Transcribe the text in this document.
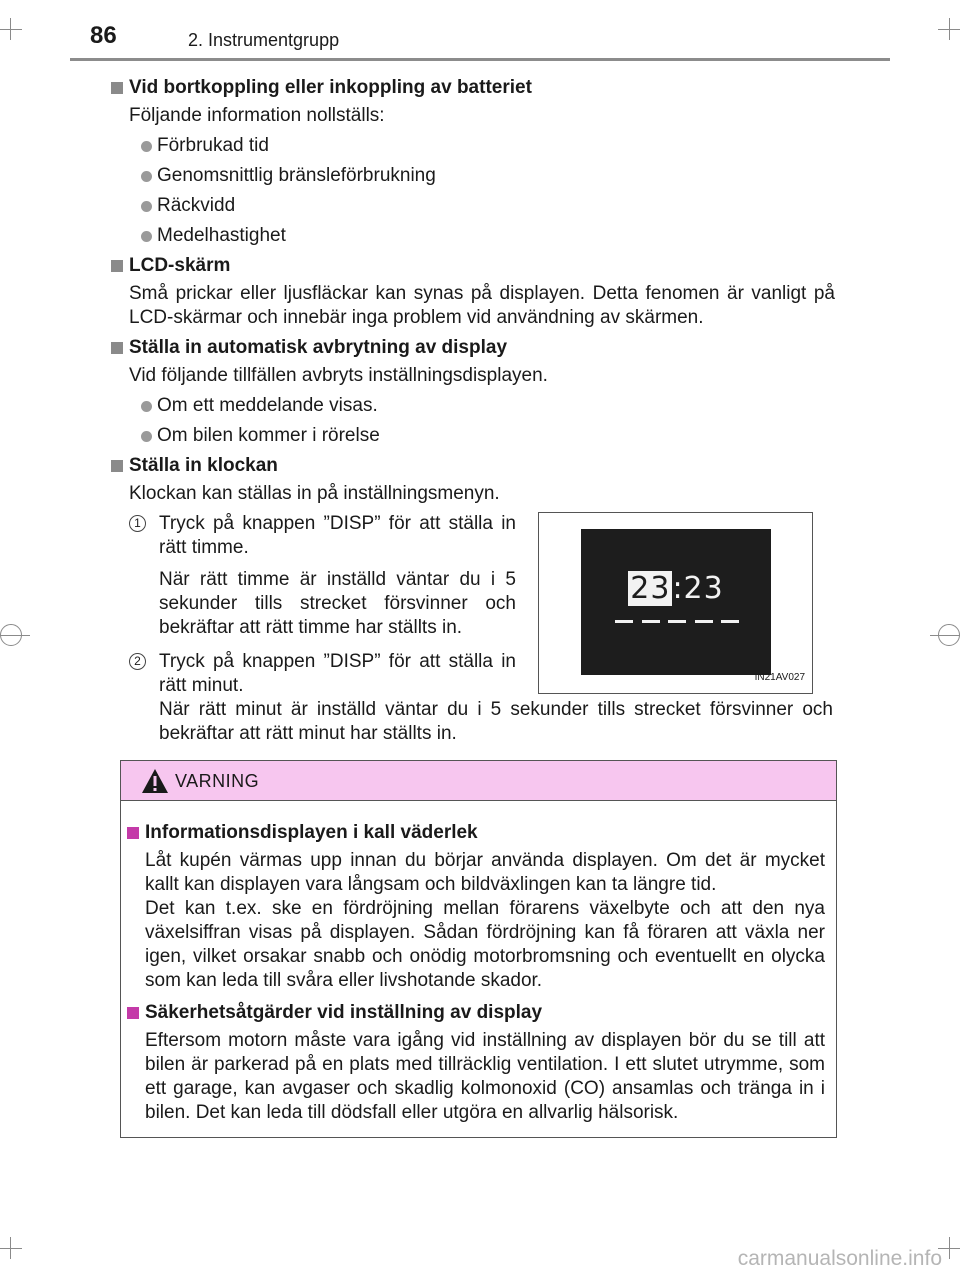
86	2. Instrumentgrupp
Vid bortkoppling eller inkoppling av batteriet
Följande information nollställs:
Förbrukad tid
Genomsnittlig bränsleförbrukning
Räckvidd
Medelhastighet
LCD-skärm
Små prickar eller ljusfläckar kan synas på displayen. Detta fenomen är vanligt på LCD-skärmar och innebär inga problem vid användning av skärmen.
Ställa in automatisk avbrytning av display
Vid följande tillfällen avbryts inställningsdisplayen.
Om ett meddelande visas.
Om bilen kommer i rörelse
Ställa in klockan
Klockan kan ställas in på inställningsmenyn.
1 Tryck på knappen ”DISP” för att ställa in rätt timme.
När rätt timme är inställd väntar du i 5 sekunder tills strecket försvinner och bekräftar att rätt timme har ställts in.
2 Tryck på knappen ”DISP” för att ställa in rätt minut.
När rätt minut är inställd väntar du i 5 sekunder tills strecket försvinner och bekräftar att rätt minut har ställts in.
23:23
IN21AV027
VARNING
Informationsdisplayen i kall väderlek
Låt kupén värmas upp innan du börjar använda displayen. Om det är mycket kallt kan displayen vara långsam och bildväxlingen kan ta längre tid.
Det kan t.ex. ske en fördröjning mellan förarens växelbyte och att den nya växelsiffran visas på displayen. Sådan fördröjning kan få föraren att växla ner igen, vilket orsakar snabb och onödig motorbromsning och eventuellt en olycka som kan leda till svåra eller livshotande skador.
Säkerhetsåtgärder vid inställning av display
Eftersom motorn måste vara igång vid inställning av displayen bör du se till att bilen är parkerad på en plats med tillräcklig ventilation. I ett slutet utrymme, som ett garage, kan avgaser och skadlig kolmonoxid (CO) ansamlas och tränga in i bilen. Det kan leda till dödsfall eller utgöra en allvarlig hälsorisk.
carmanualsonline.info
